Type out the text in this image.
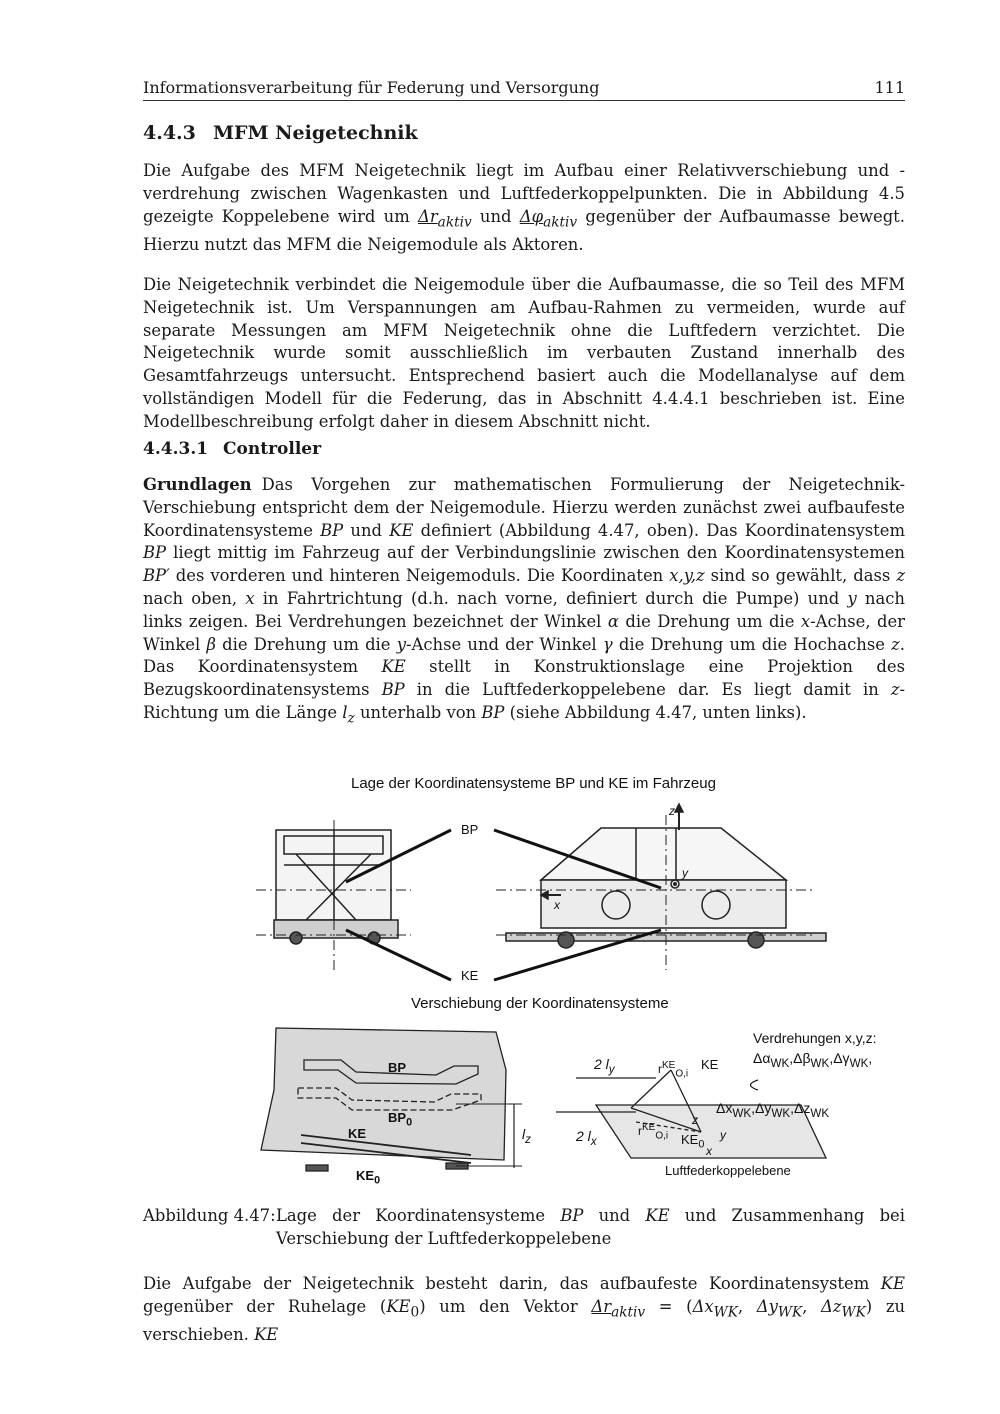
Informationsverarbeitung für Federung und Versorgung	111
4.4.3 MFM Neigetechnik

Die Aufgabe des MFM Neigetechnik liegt im Aufbau einer Relativverschiebung und -verdrehung zwischen Wagenkasten und Luftfederkoppelpunkten. Die in Abbildung 4.5 gezeigte Koppelebene wird um $\Delta r_{aktiv}$ und $\Delta\varphi_{aktiv}$ gegenüber der Aufbaumasse bewegt. Hierzu nutzt das MFM die Neigemodule als Aktoren.

Die Neigetechnik verbindet die Neigemodule über die Aufbaumasse, die so Teil des MFM Neigetechnik ist. Um Verspannungen am Aufbau-Rahmen zu vermeiden, wurde auf separate Messungen am MFM Neigetechnik ohne die Luftfedern verzichtet. Die Neigetechnik wurde somit ausschließlich im verbauten Zustand innerhalb des Gesamtfahrzeugs untersucht. Entsprechend basiert auch die Modellanalyse auf dem vollständigen Modell für die Federung, das in Abschnitt 4.4.4.1 beschrieben ist. Eine Modellbeschreibung erfolgt daher in diesem Abschnitt nicht.

4.4.3.1 Controller

Grundlagen Das Vorgehen zur mathematischen Formulierung der Neigetechnik-Verschiebung entspricht dem der Neigemodule. Hierzu werden zunächst zwei aufbaufeste Koordinatensysteme BP und KE definiert (Abbildung 4.47, oben). Das Koordinatensystem BP liegt mittig im Fahrzeug auf der Verbindungslinie zwischen den Koordinatensystemen BP′ des vorderen und hinteren Neigemoduls. Die Koordinaten x,y,z sind so gewählt, dass z nach oben, x in Fahrtrichtung (d.h. nach vorne, definiert durch die Pumpe) und y nach links zeigen. Bei Verdrehungen bezeichnet der Winkel α die Drehung um die x-Achse, der Winkel β die Drehung um die y-Achse und der Winkel γ die Drehung um die Hochachse z. Das Koordinatensystem KE stellt in Konstruktionslage eine Projektion des Bezugskoordinatensystems BP in die Luftfederkoppelebene dar. Es liegt damit in z-Richtung um die Länge $l_z$ unterhalb von BP (siehe Abbildung 4.47, unten links).

Lage der Koordinatensysteme BP und KE im Fahrzeug
BP
KE
z
y
x
Verschiebung der Koordinatensysteme
BP
$BP_0$
KE
$KE_0$
$l_z$
2 $l_y$
2 $l_x$
$r^{KE}_{O,i}$
$r^{KE}_{O,i}$
KE
$KE_0$
z
y
x
Verdrehungen x,y,z:
$\Delta\alpha_{WK},\Delta\beta_{WK},\Delta\gamma_{WK}$,
$\Delta x_{WK},\Delta y_{WK},\Delta z_{WK}$
Luftfederkoppelebene
Abbildung 4.47: Lage der Koordinatensysteme BP und KE und Zusammenhang bei Verschiebung der Luftfederkoppelebene

Die Aufgabe der Neigetechnik besteht darin, das aufbaufeste Koordinatensystem KE gegenüber der Ruhelage $(KE_0)$ um den Vektor $\Delta r_{aktiv} = (\Delta x_{WK}$, $\Delta y_{WK}$, $\Delta z_{WK}$) zu verschieben. KE
